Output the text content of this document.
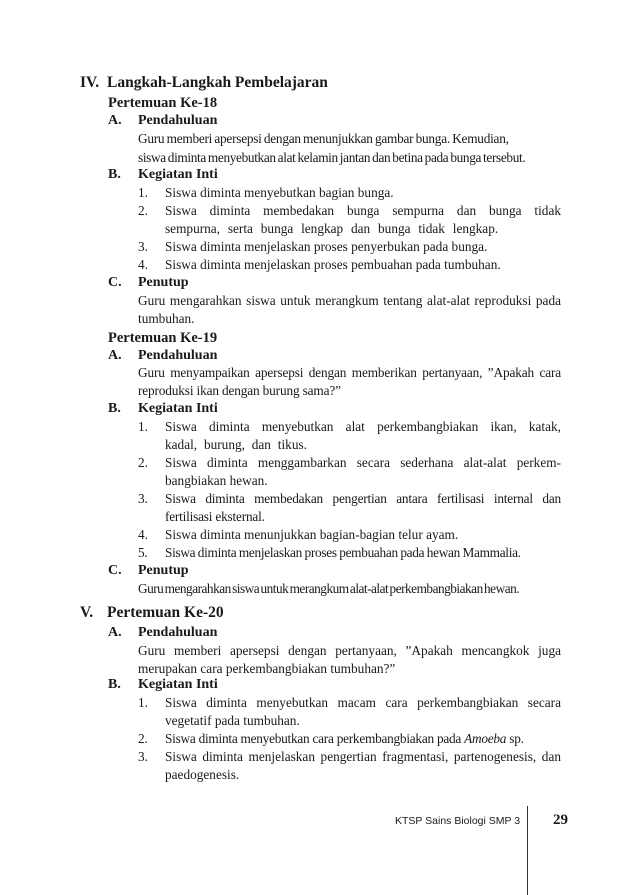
IV. Langkah-Langkah Pembelajaran
Pertemuan Ke-18
A. Pendahuluan
Guru memberi apersepsi dengan menunjukkan gambar bunga. Kemudian,
siswa diminta menyebutkan alat kelamin jantan dan betina pada bunga tersebut.
B. Kegiatan Inti
1. Siswa diminta menyebutkan bagian bunga.
2. Siswa diminta membedakan bunga sempurna dan bunga tidak sempurna, serta bunga lengkap dan bunga tidak lengkap.
3. Siswa diminta menjelaskan proses penyerbukan pada bunga.
4. Siswa diminta menjelaskan proses pembuahan pada tumbuhan.
C. Penutup
Guru mengarahkan siswa untuk merangkum tentang alat-alat reproduksi pada tumbuhan.
Pertemuan Ke-19
A. Pendahuluan
Guru menyampaikan apersepsi dengan memberikan pertanyaan, ”Apakah cara reproduksi ikan dengan burung sama?”
B. Kegiatan Inti
1. Siswa diminta menyebutkan alat perkembangbiakan ikan, katak, kadal, burung, dan tikus.
2. Siswa diminta menggambarkan secara sederhana alat-alat perkem-bangbiakan hewan.
3. Siswa diminta membedakan pengertian antara fertilisasi internal dan fertilisasi eksternal.
4. Siswa diminta menunjukkan bagian-bagian telur ayam.
5. Siswa diminta menjelaskan proses pembuahan pada hewan Mammalia.
C. Penutup
Guru mengarahkan siswa untuk merangkum alat-alat perkembangbiakan hewan.
V. Pertemuan Ke-20
A. Pendahuluan
Guru memberi apersepsi dengan pertanyaan, ”Apakah mencangkok juga merupakan cara perkembangbiakan tumbuhan?”
B. Kegiatan Inti
1. Siswa diminta menyebutkan macam cara perkembangbiakan secara vegetatif pada tumbuhan.
2. Siswa diminta menyebutkan cara perkembangbiakan pada Amoeba sp.
3. Siswa diminta menjelaskan pengertian fragmentasi, partenogenesis, dan paedogenesis.
KTSP Sains Biologi SMP 3 29
